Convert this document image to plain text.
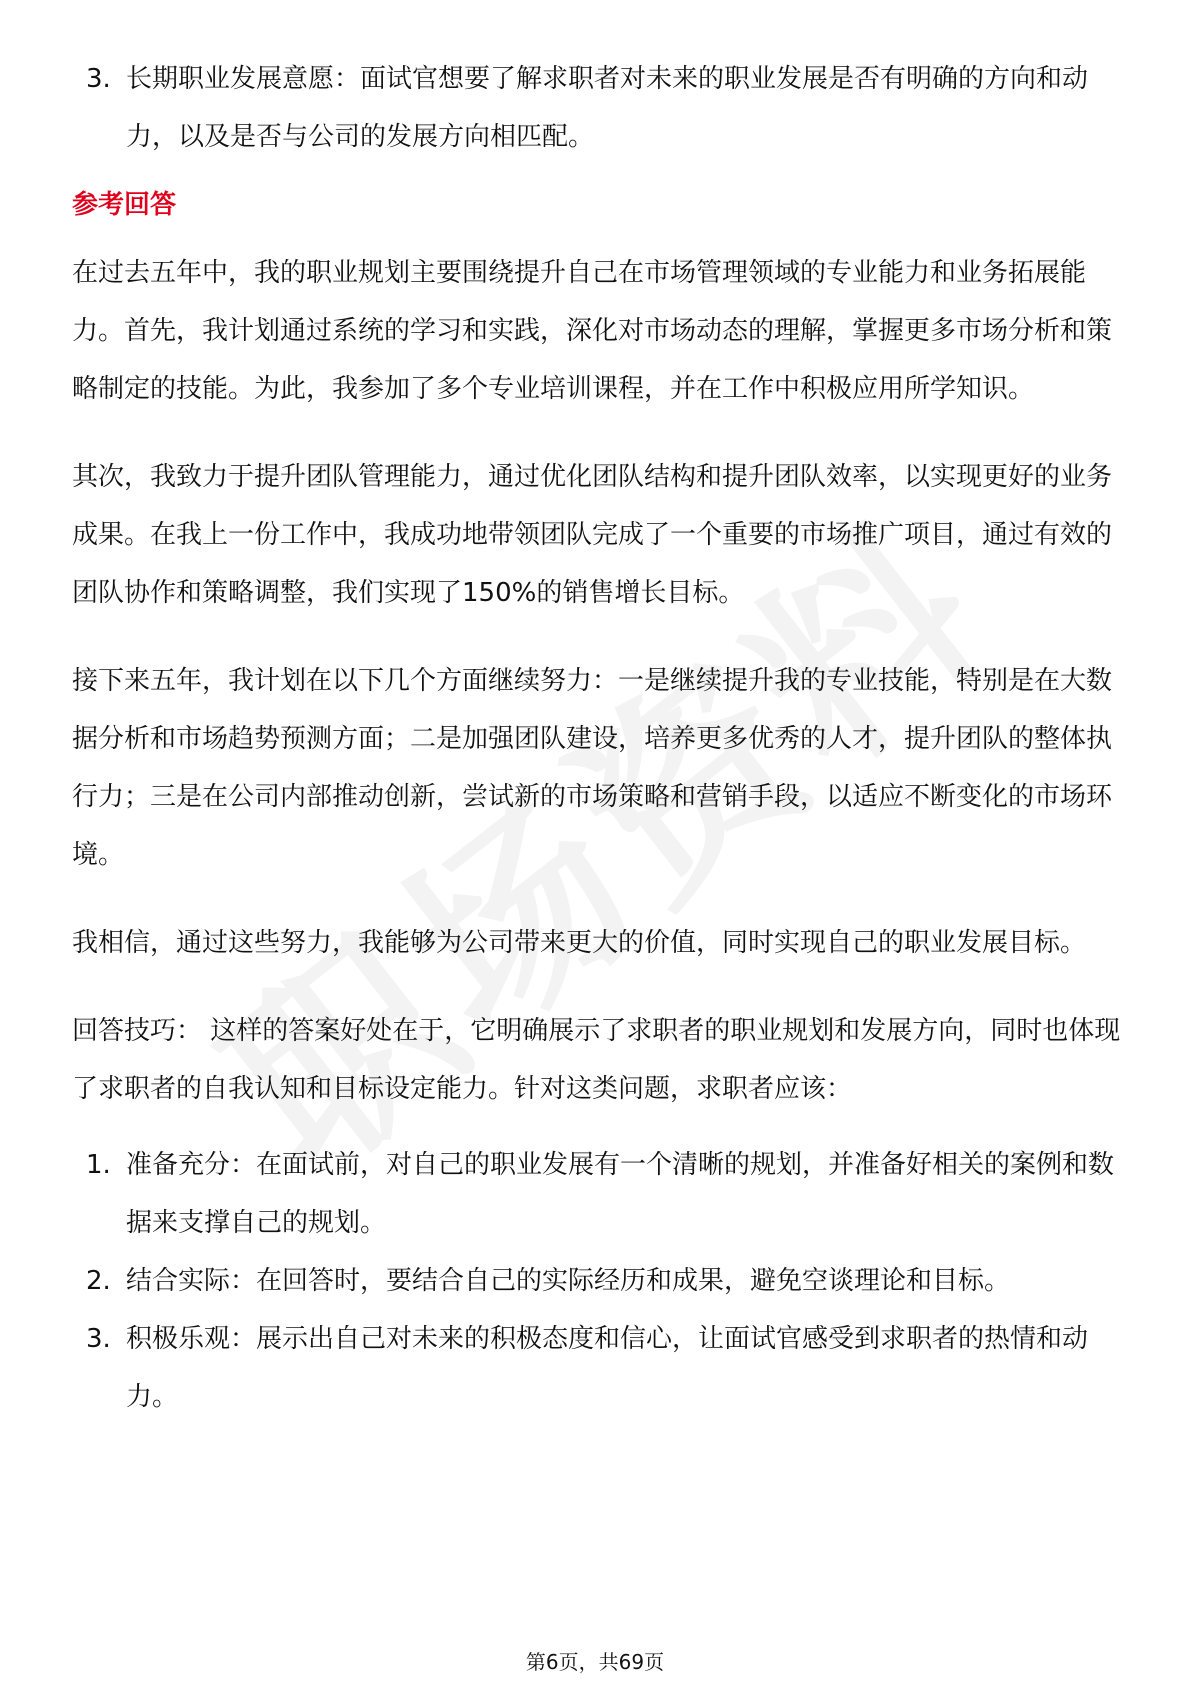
3. 长期职业发展意愿：面试官想要了解求职者对未来的职业发展是否有明确的方向和动力，以及是否与公司的发展方向相匹配。
参考回答

在过去五年中，我的职业规划主要围绕提升自己在市场管理领域的专业能力和业务拓展能力。首先，我计划通过系统的学习和实践，深化对市场动态的理解，掌握更多市场分析和策略制定的技能。为此，我参加了多个专业培训课程，并在工作中积极应用所学知识。

其次，我致力于提升团队管理能力，通过优化团队结构和提升团队效率，以实现更好的业务成果。在我上一份工作中，我成功地带领团队完成了一个重要的市场推广项目，通过有效的团队协作和策略调整，我们实现了150%的销售增长目标。

接下来五年，我计划在以下几个方面继续努力：一是继续提升我的专业技能，特别是在大数据分析和市场趋势预测方面；二是加强团队建设，培养更多优秀的人才，提升团队的整体执行力；三是在公司内部推动创新，尝试新的市场策略和营销手段，以适应不断变化的市场环境。

我相信，通过这些努力，我能够为公司带来更大的价值，同时实现自己的职业发展目标。

回答技巧： 这样的答案好处在于，它明确展示了求职者的职业规划和发展方向，同时也体现了求职者的自我认知和目标设定能力。针对这类问题，求职者应该：

1. 准备充分：在面试前，对自己的职业发展有一个清晰的规划，并准备好相关的案例和数据来支撑自己的规划。
2. 结合实际：在回答时，要结合自己的实际经历和成果，避免空谈理论和目标。
3. 积极乐观：展示出自己对未来的积极态度和信心，让面试官感受到求职者的热情和动力。
第6页，共69页
